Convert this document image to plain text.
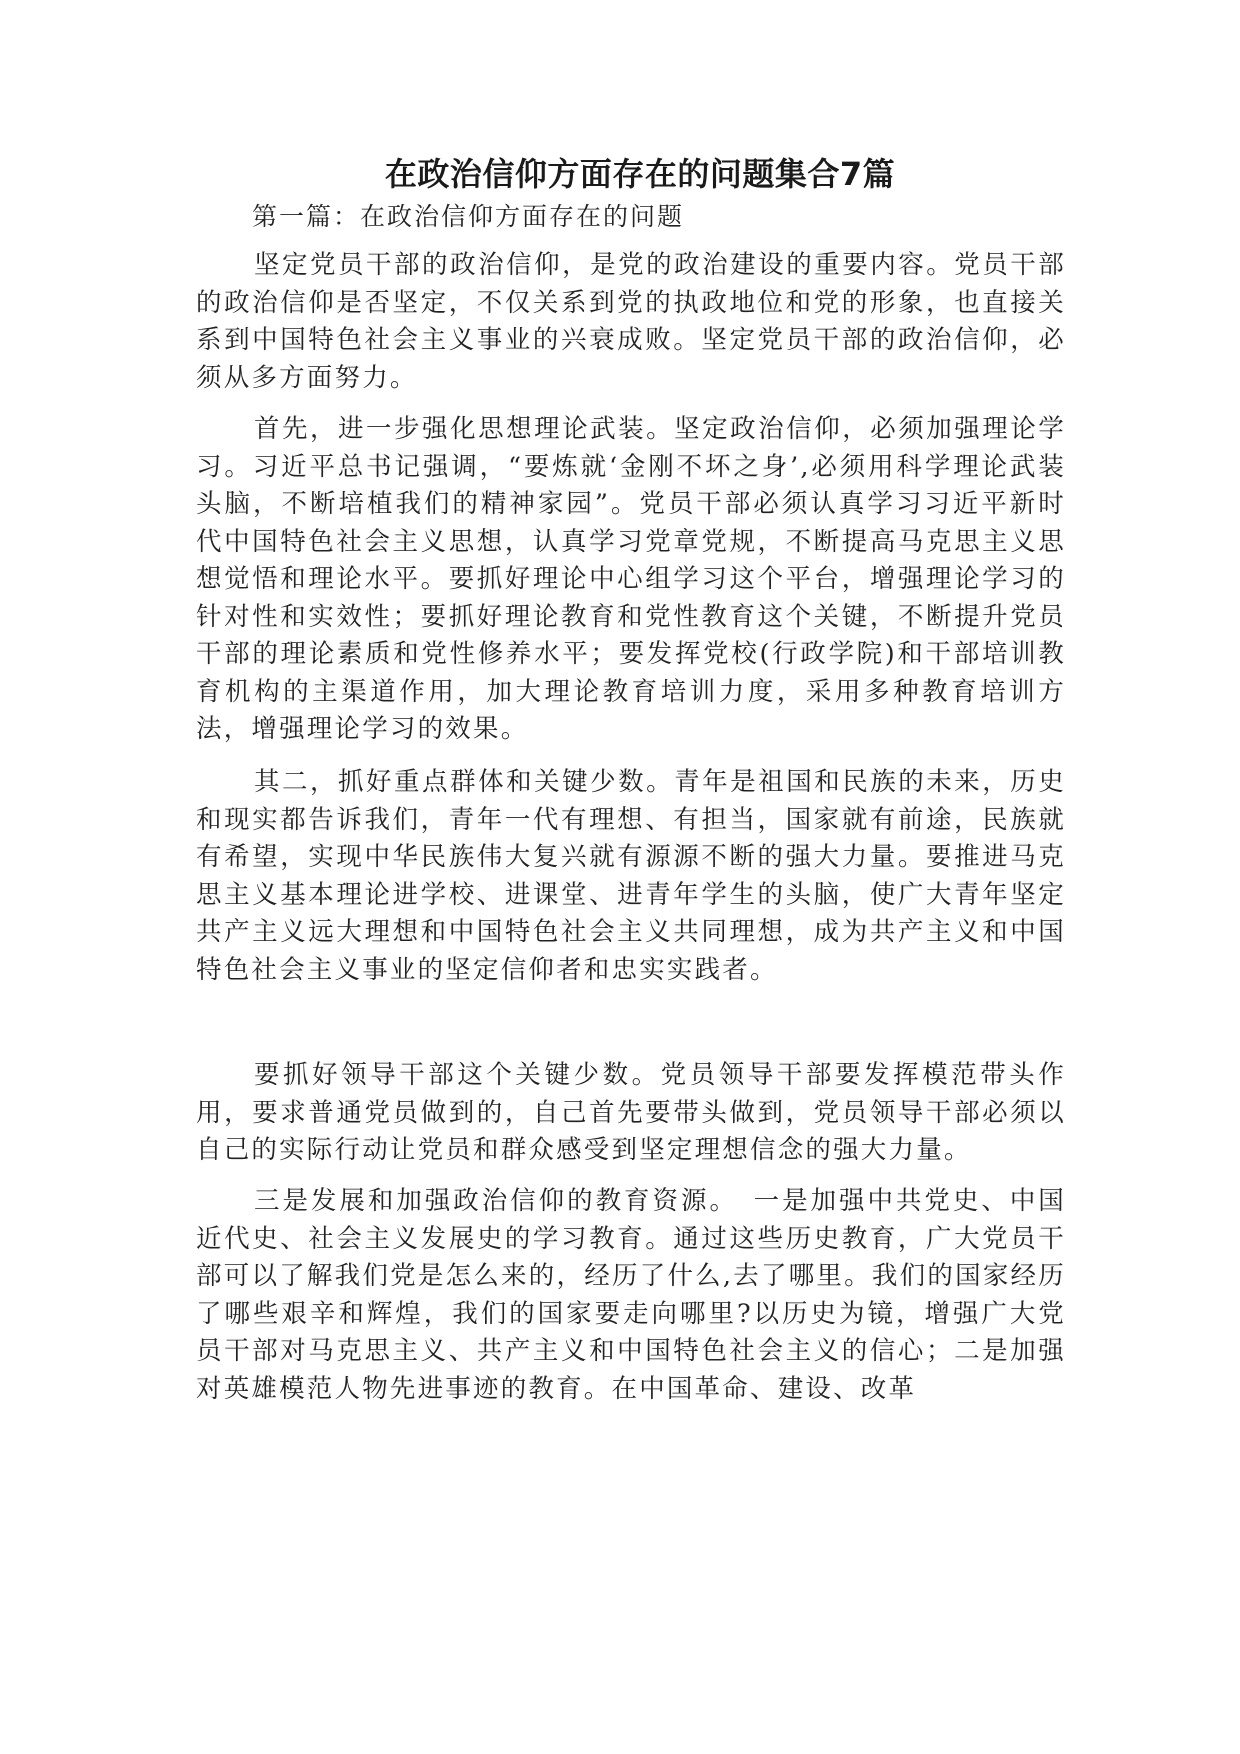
在政治信仰方面存在的问题集合7篇

第一篇：在政治信仰方面存在的问题

坚定党员干部的政治信仰，是党的政治建设的重要内容。党员干部的政治信仰是否坚定，不仅关系到党的执政地位和党的形象，也直接关系到中国特色社会主义事业的兴衰成败。坚定党员干部的政治信仰，必须从多方面努力。

首先，进一步强化思想理论武装。坚定政治信仰，必须加强理论学习。习近平总书记强调，“要炼就‘金刚不坏之身’,必须用科学理论武装头脑，不断培植我们的精神家园”。党员干部必须认真学习习近平新时代中国特色社会主义思想，认真学习党章党规，不断提高马克思主义思想觉悟和理论水平。要抓好理论中心组学习这个平台，增强理论学习的针对性和实效性；要抓好理论教育和党性教育这个关键，不断提升党员干部的理论素质和党性修养水平；要发挥党校(行政学院)和干部培训教育机构的主渠道作用，加大理论教育培训力度，采用多种教育培训方法，增强理论学习的效果。

其二，抓好重点群体和关键少数。青年是祖国和民族的未来，历史和现实都告诉我们，青年一代有理想、有担当，国家就有前途，民族就有希望，实现中华民族伟大复兴就有源源不断的强大力量。要推进马克思主义基本理论进学校、进课堂、进青年学生的头脑，使广大青年坚定共产主义远大理想和中国特色社会主义共同理想，成为共产主义和中国特色社会主义事业的坚定信仰者和忠实实践者。

要抓好领导干部这个关键少数。党员领导干部要发挥模范带头作用，要求普通党员做到的，自己首先要带头做到，党员领导干部必须以自己的实际行动让党员和群众感受到坚定理想信念的强大力量。

三是发展和加强政治信仰的教育资源。　一是加强中共党史、中国近代史、社会主义发展史的学习教育。通过这些历史教育，广大党员干部可以了解我们党是怎么来的，经历了什么,去了哪里。我们的国家经历了哪些艰辛和辉煌，我们的国家要走向哪里?以历史为镜，增强广大党员干部对马克思主义、共产主义和中国特色社会主义的信心；二是加强对英雄模范人物先进事迹的教育。在中国革命、建设、改革
